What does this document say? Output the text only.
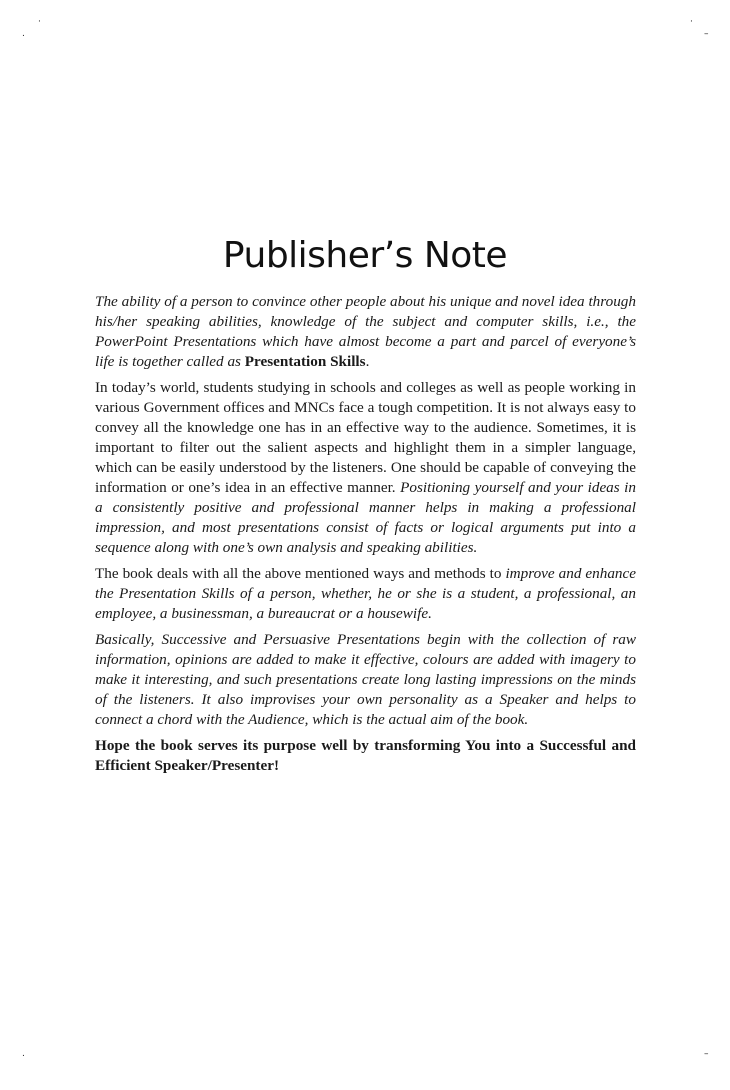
.
·	·
–
.	–
Publisher’s Note

The ability of a person to convince other people about his unique and novel idea through his/her speaking abilities, knowledge of the subject and computer skills, i.e., the PowerPoint Presentations which have almost become a part and parcel of everyone’s life is together called as Presentation Skills.

In today’s world, students studying in schools and colleges as well as people working in various Government offices and MNCs face a tough competition. It is not always easy to convey all the knowledge one has in an effective way to the audience. Sometimes, it is important to filter out the salient aspects and highlight them in a simpler language, which can be easily understood by the listeners. One should be capable of conveying the information or one’s idea in an effective manner. Positioning yourself and your ideas in a consistently positive and professional manner helps in making a professional impression, and most presentations consist of facts or logical arguments put into a sequence along with one’s own analysis and speaking abilities.

The book deals with all the above mentioned ways and methods to improve and enhance the Presentation Skills of a person, whether, he or she is a student, a professional, an employee, a businessman, a bureaucrat or a housewife.

Basically, Successive and Persuasive Presentations begin with the collection of raw information, opinions are added to make it effective, colours are added with imagery to make it interesting, and such presentations create long lasting impressions on the minds of the listeners. It also improvises your own personality as a Speaker and helps to connect a chord with the Audience, which is the actual aim of the book.

Hope the book serves its purpose well by transforming You into a Successful and Efficient Speaker/Presenter!
